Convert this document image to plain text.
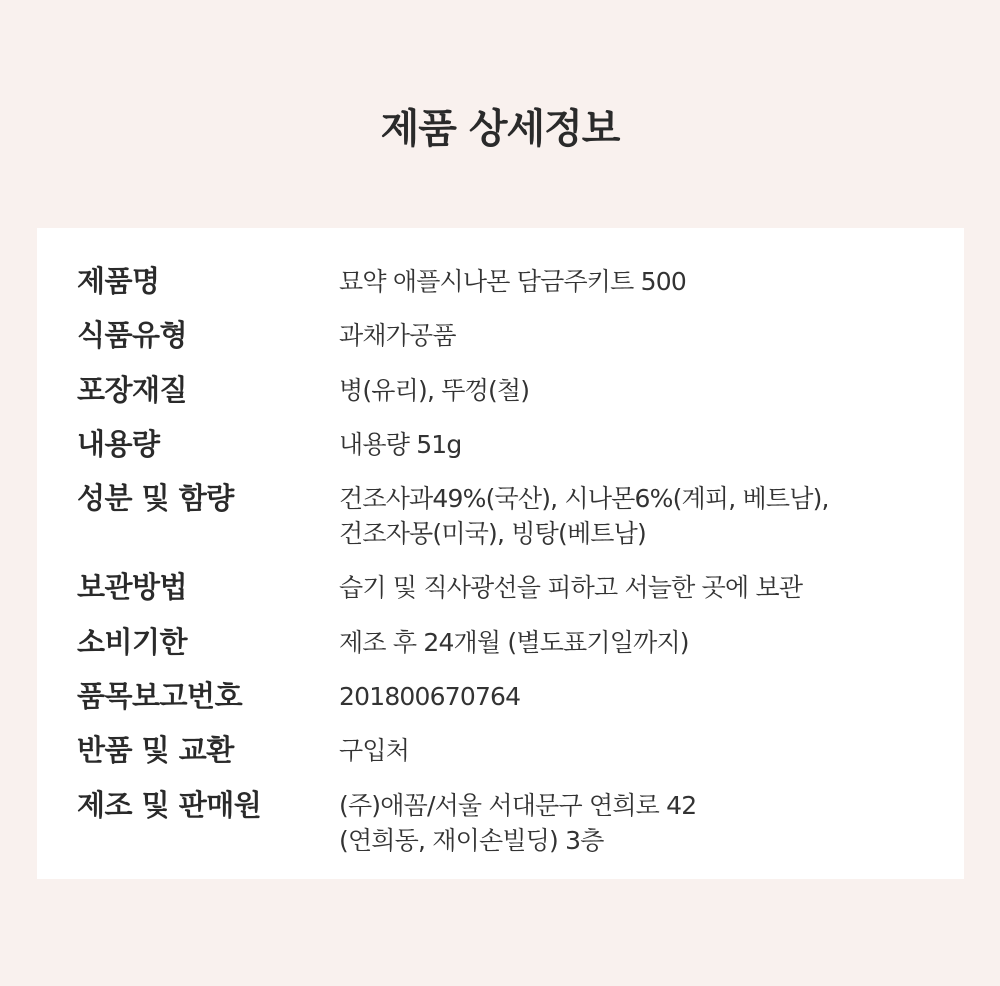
제품 상세정보
제품명	묘약 애플시나몬 담금주키트 500
식품유형	과채가공품
포장재질	병(유리), 뚜껑(철)
내용량	내용량 51g
성분 및 함량	건조사과49%(국산), 시나몬6%(계피, 베트남),
건조자몽(미국), 빙탕(베트남)
보관방법	습기 및 직사광선을 피하고 서늘한 곳에 보관
소비기한	제조 후 24개월 (별도표기일까지)
품목보고번호	201800670764
반품 및 교환	구입처
제조 및 판매원	(주)애꼼/서울 서대문구 연희로 42
(연희동, 재이손빌딩) 3층
